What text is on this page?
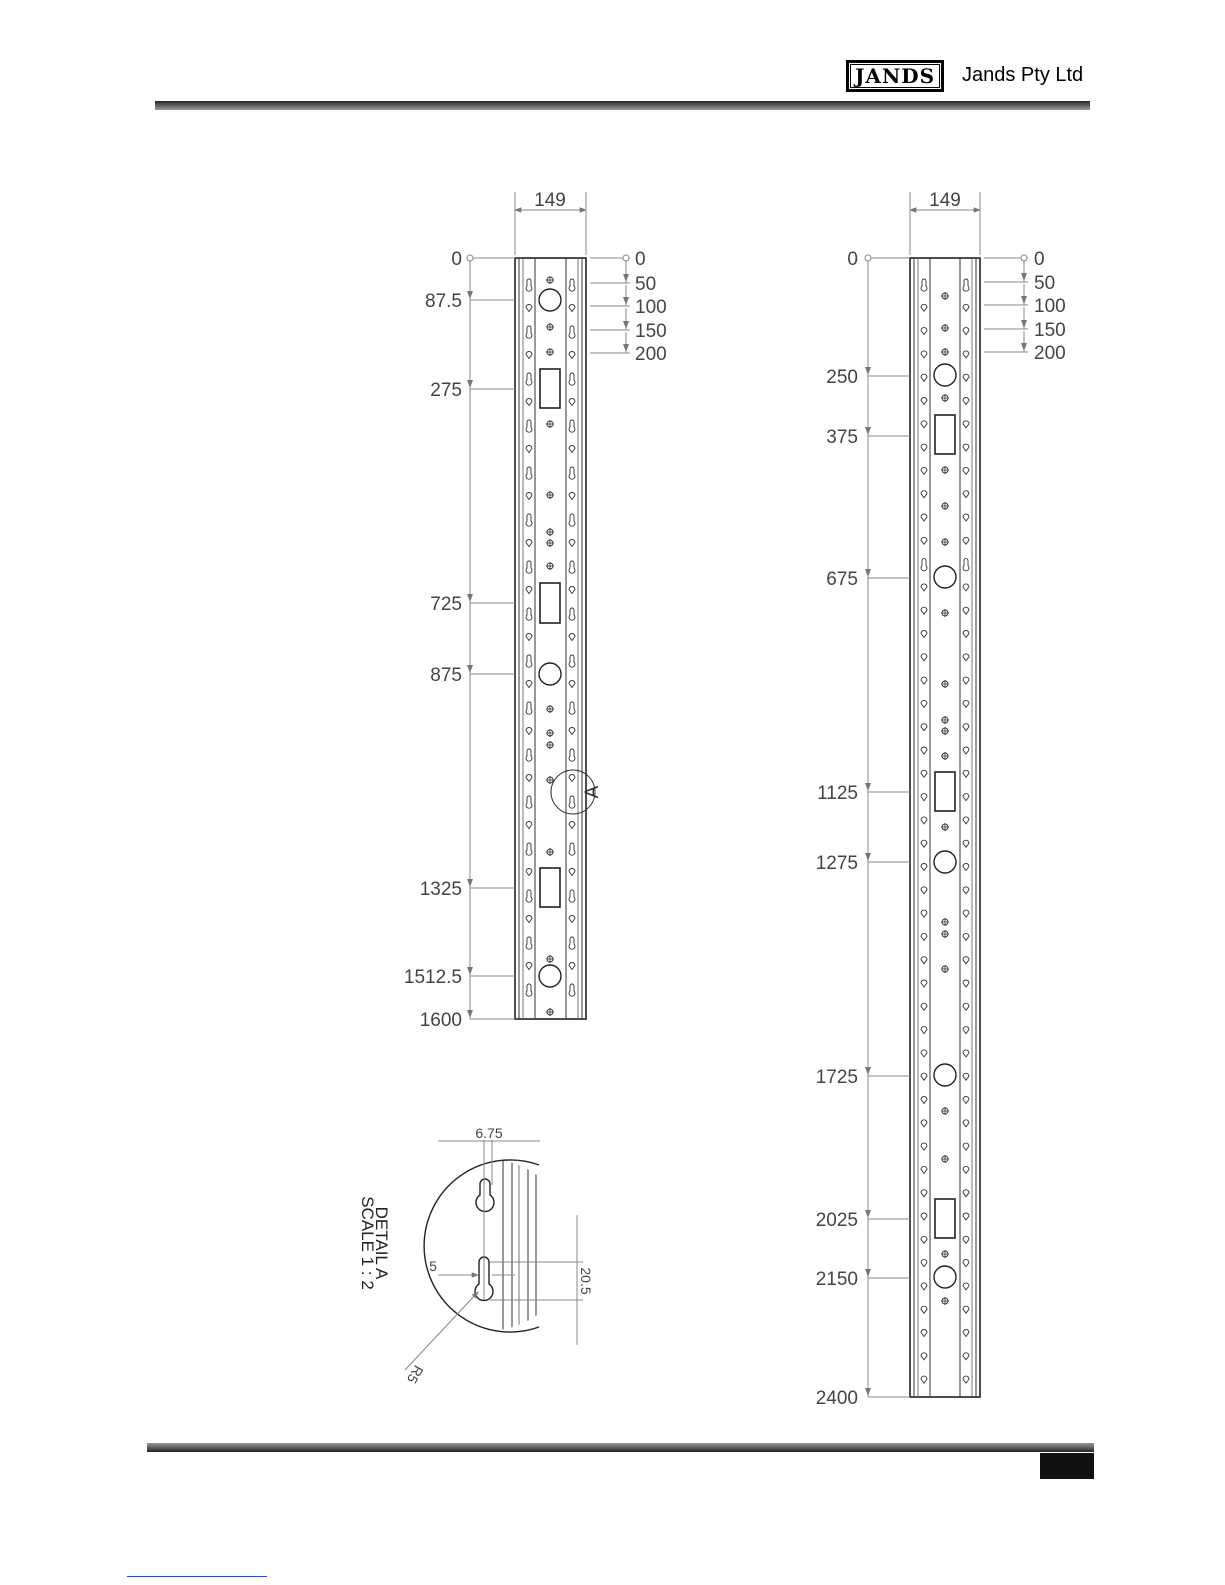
JANDS Jands Pty Ltd
149
0
87.5
275
725
875
1325
1512.5
1600
0
50
100
150
200
A
149
0
250
375
675
1125
1275
1725
2025
2150
2400
0
50
100
150
200
6.75
5
20.5
R5
DETAIL A
SCALE 1 : 2
